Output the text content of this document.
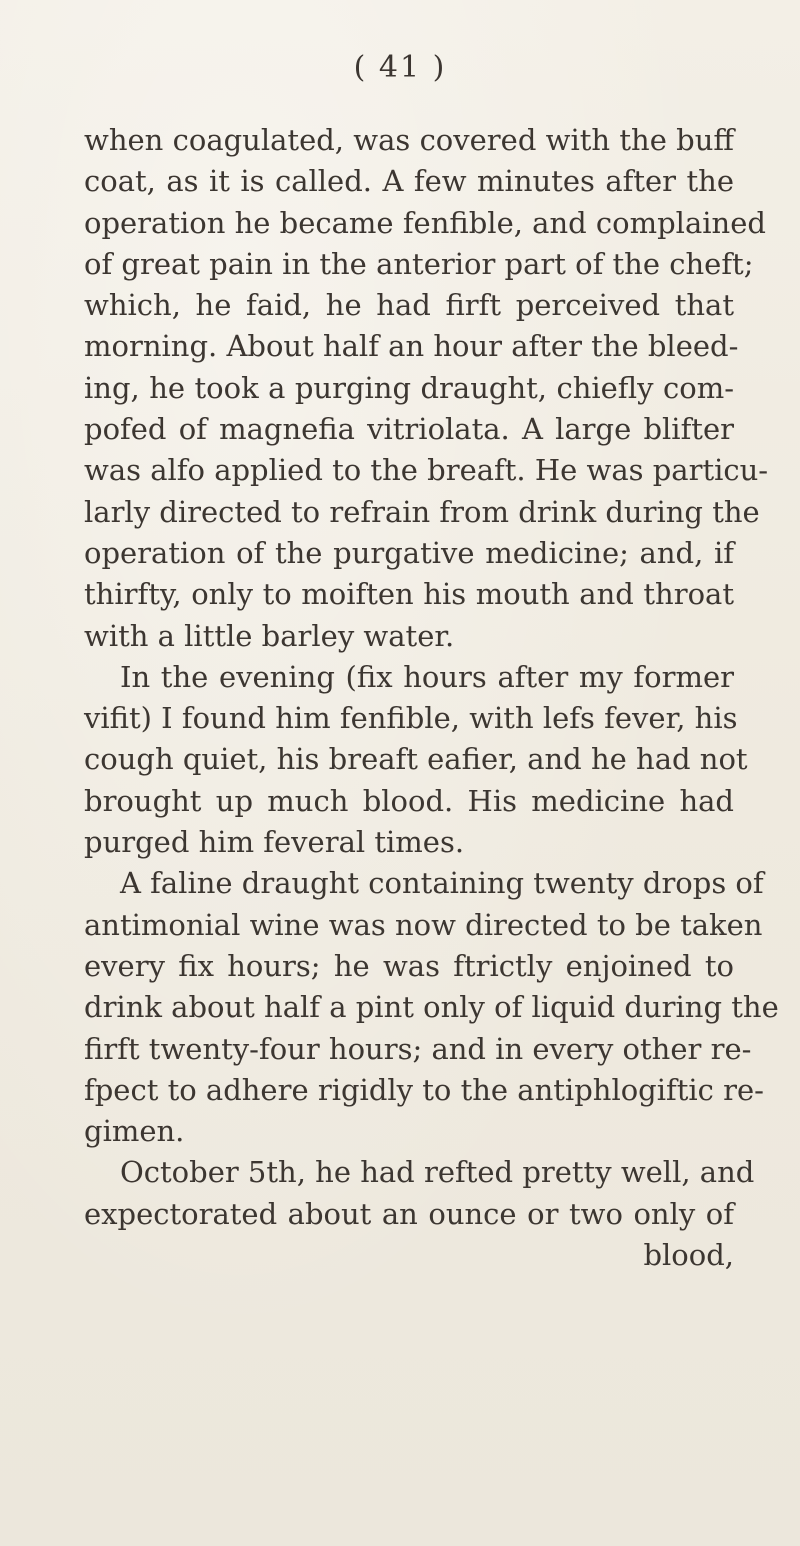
( 41 )
when coagulated, was covered with the buff
coat, as it is called. A few minutes after the
operation he became fenfible, and complained
of great pain in the anterior part of the cheft;
which, he faid, he had firft perceived that
morning. About half an hour after the bleed-
ing, he took a purging draught, chiefly com-
pofed of magnefia vitriolata. A large blifter
was alfo applied to the breaft. He was particu-
larly directed to refrain from drink during the
operation of the purgative medicine; and, if
thirfty, only to moiften his mouth and throat
with a little barley water.
In the evening (fix hours after my former
vifit) I found him fenfible, with lefs fever, his
cough quiet, his breaft eafier, and he had not
brought up much blood. His medicine had
purged him feveral times.
A faline draught containing twenty drops of
antimonial wine was now directed to be taken
every fix hours; he was ftrictly enjoined to
drink about half a pint only of liquid during the
firft twenty-four hours; and in every other re-
fpect to adhere rigidly to the antiphlogiftic re-
gimen.
October 5th, he had refted pretty well, and
expectorated about an ounce or two only of
blood,
